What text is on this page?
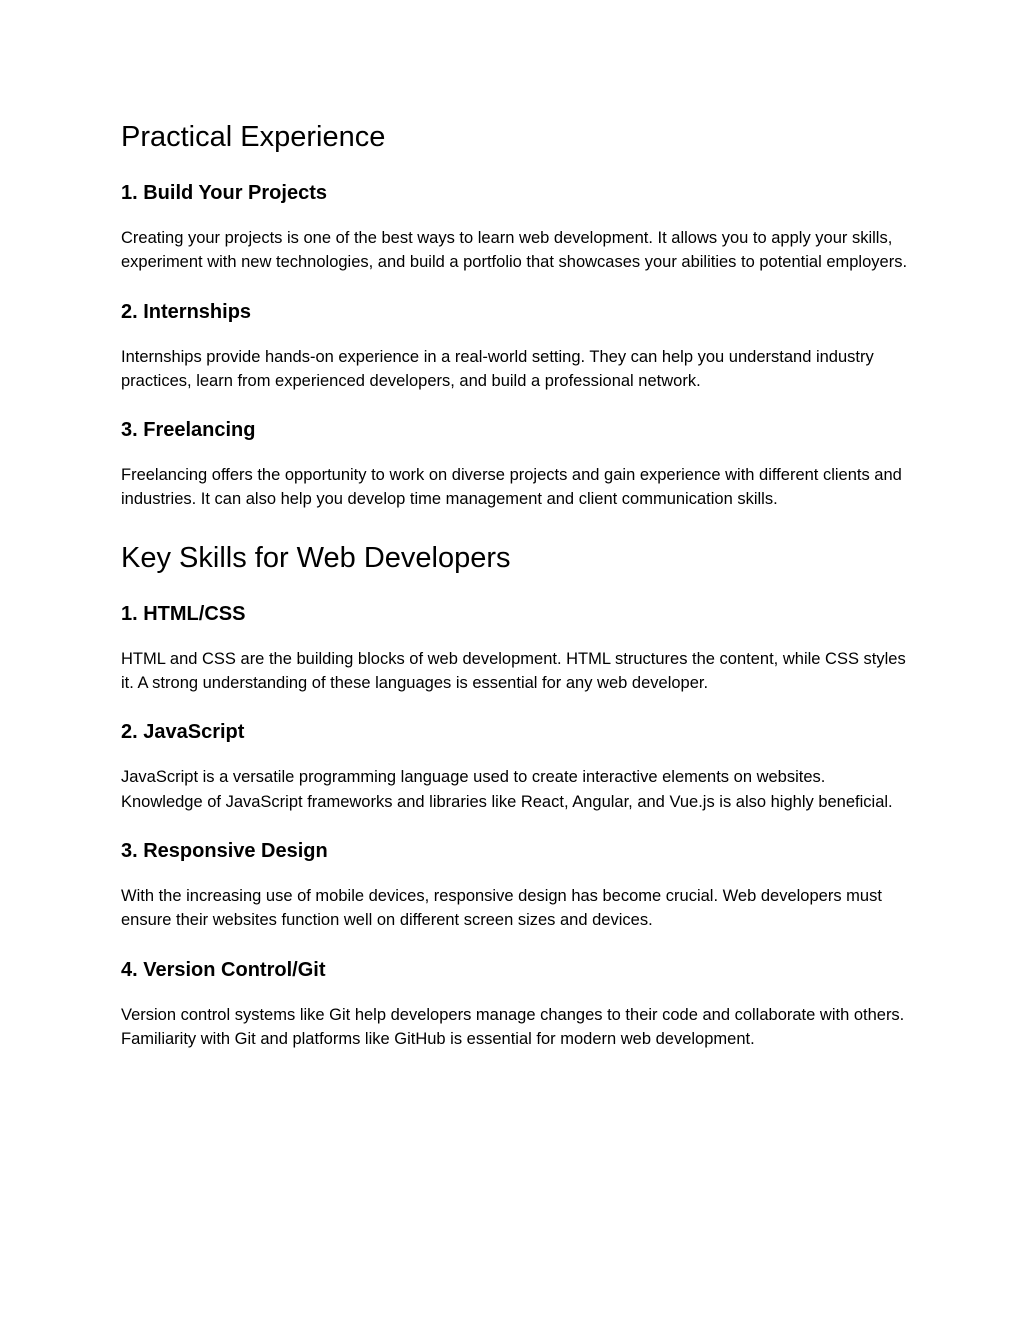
Practical Experience
1. Build Your Projects

Creating your projects is one of the best ways to learn web development. It allows you to apply your skills, experiment with new technologies, and build a portfolio that showcases your abilities to potential employers.

2. Internships

Internships provide hands-on experience in a real-world setting. They can help you understand industry practices, learn from experienced developers, and build a professional network.

3. Freelancing

Freelancing offers the opportunity to work on diverse projects and gain experience with different clients and industries. It can also help you develop time management and client communication skills.

Key Skills for Web Developers
1. HTML/CSS

HTML and CSS are the building blocks of web development. HTML structures the content, while CSS styles it. A strong understanding of these languages is essential for any web developer.

2. JavaScript

JavaScript is a versatile programming language used to create interactive elements on websites. Knowledge of JavaScript frameworks and libraries like React, Angular, and Vue.js is also highly beneficial.

3. Responsive Design

With the increasing use of mobile devices, responsive design has become crucial. Web developers must ensure their websites function well on different screen sizes and devices.

4. Version Control/Git

Version control systems like Git help developers manage changes to their code and collaborate with others. Familiarity with Git and platforms like GitHub is essential for modern web development.
